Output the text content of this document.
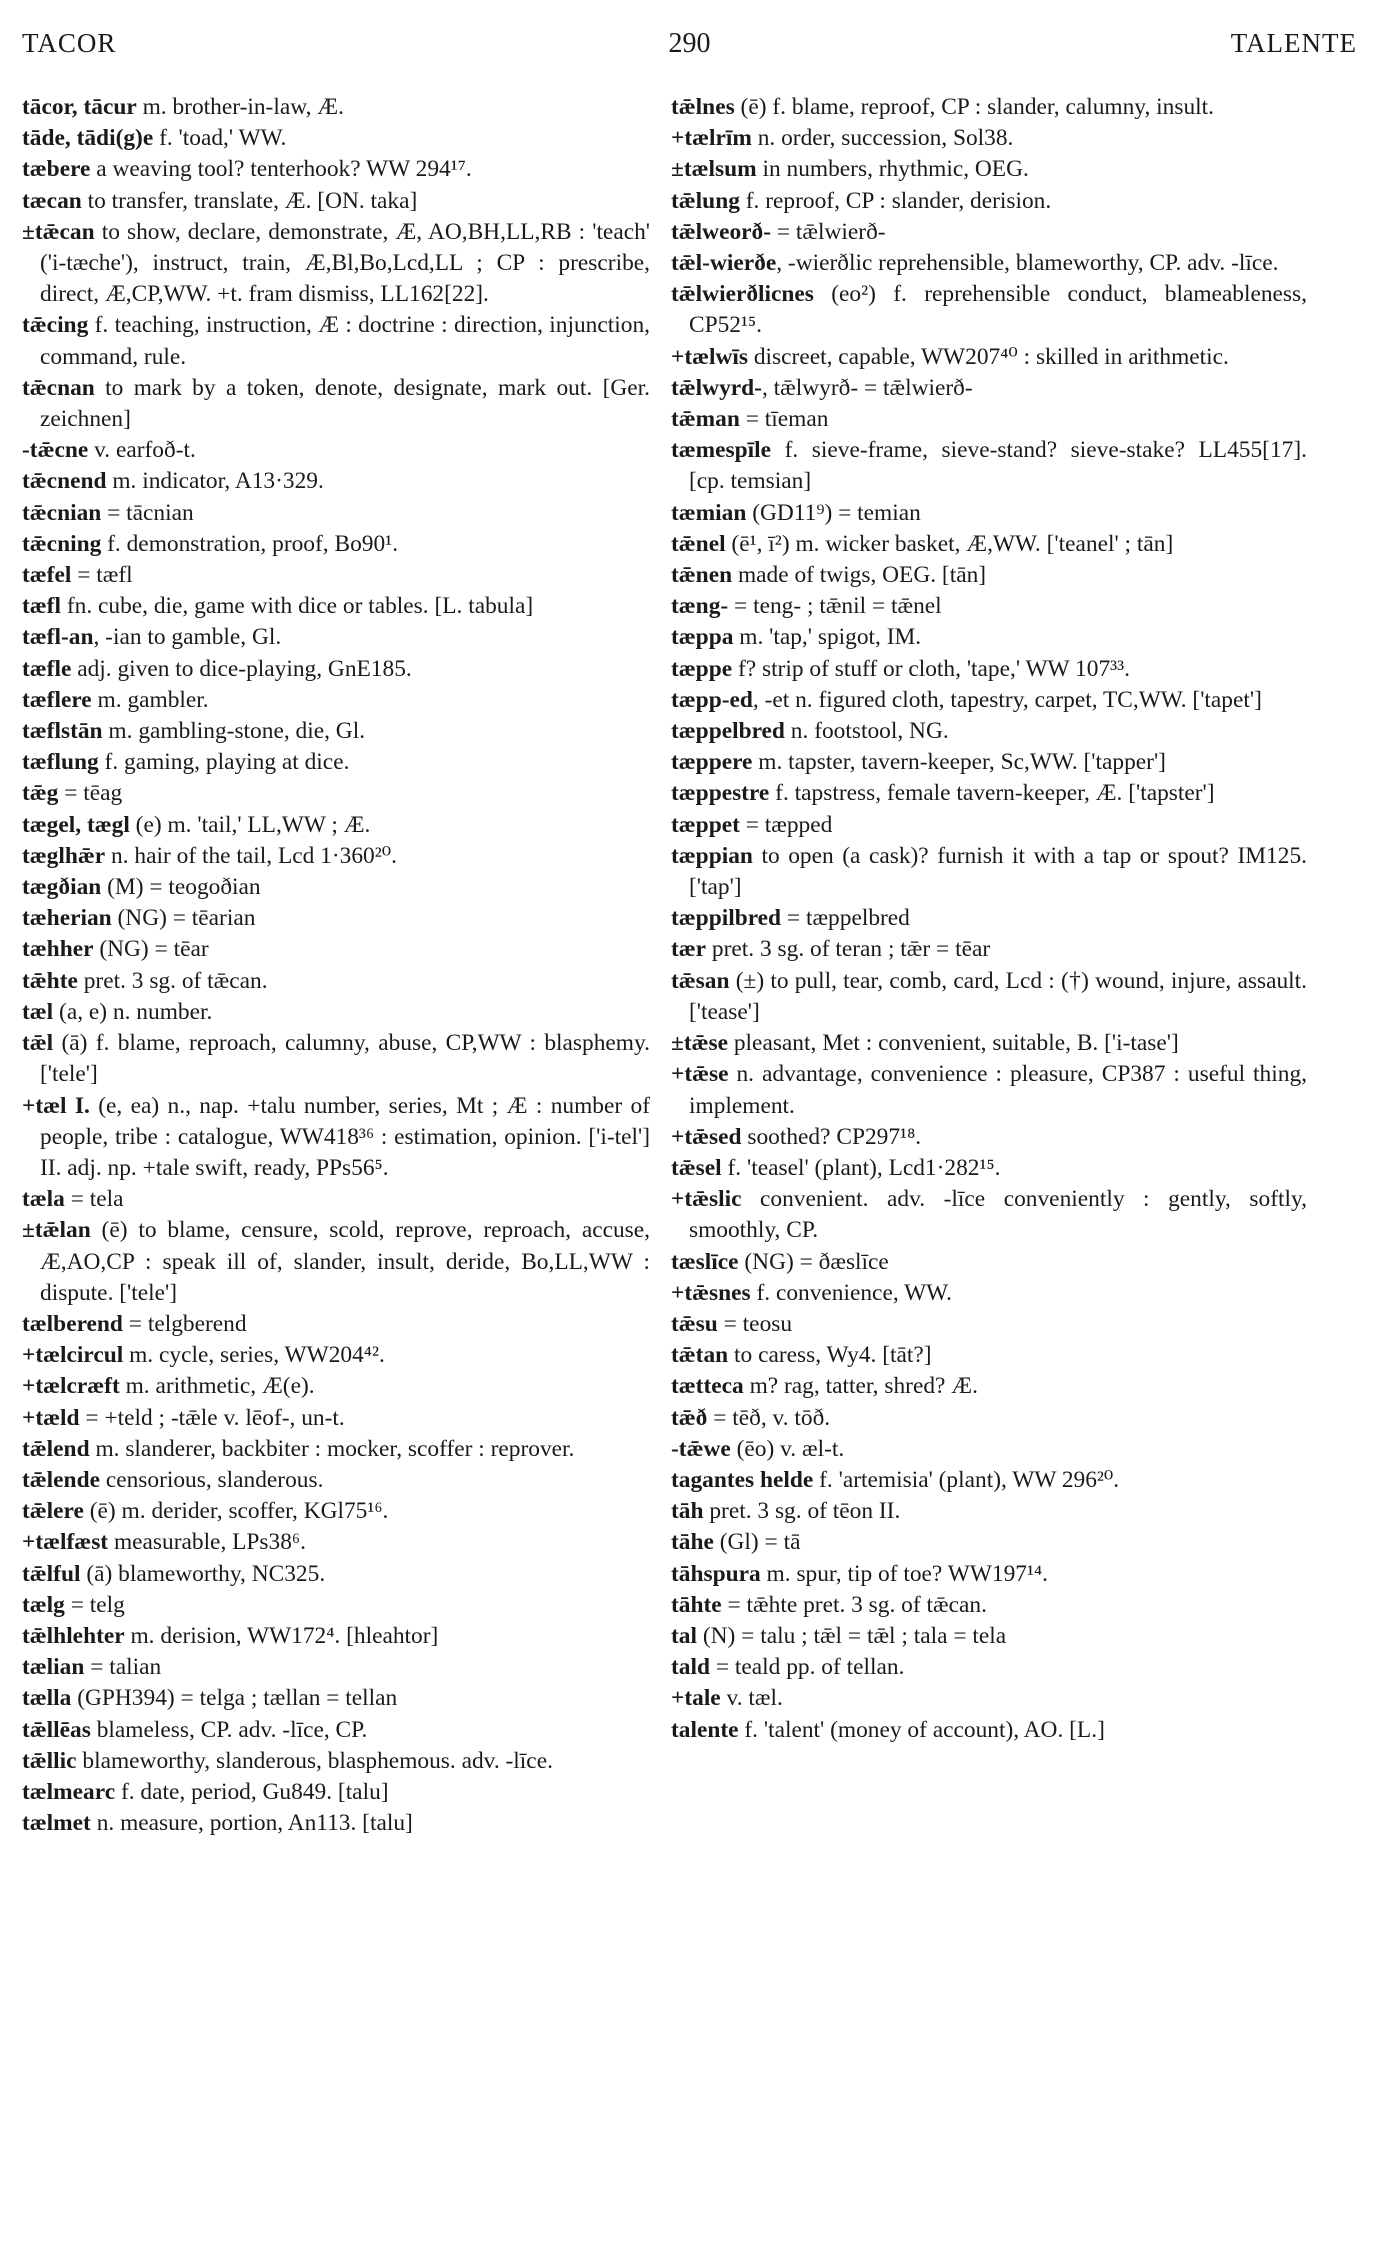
TACOR	290	TALENTE

tācor, tācur m. brother-in-law, Æ.

tāde, tādi(g)e f. 'toad,' WW.

tæbere a weaving tool? tenterhook? WW 294¹⁷.

tæcan to transfer, translate, Æ. [ON. taka]

±tǣcan to show, declare, demonstrate, Æ, AO,BH,LL,RB : 'teach' ('i-tæche'), instruct, train, Æ,Bl,Bo,Lcd,LL ; CP : prescribe, direct, Æ,CP,WW. +t. fram dismiss, LL162[22].

tǣcing f. teaching, instruction, Æ : doctrine : direction, injunction, command, rule.

tǣcnan to mark by a token, denote, designate, mark out. [Ger. zeichnen]

-tǣcne v. earfoð-t.

tǣcnend m. indicator, A13·329.

tǣcnian = tācnian

tǣcning f. demonstration, proof, Bo90¹.

tæfel = tæfl

tæfl fn. cube, die, game with dice or tables. [L. tabula]

tæfl-an, -ian to gamble, Gl.

tæfle adj. given to dice-playing, GnE185.

tæflere m. gambler.

tæflstān m. gambling-stone, die, Gl.

tæflung f. gaming, playing at dice.

tǣg = tēag

tægel, tægl (e) m. 'tail,' LL,WW ; Æ.

tæglhǣr n. hair of the tail, Lcd 1·360²⁰.

tægðian (M) = teogoðian

tæherian (NG) = tēarian

tæhher (NG) = tēar

tǣhte pret. 3 sg. of tǣcan.

tæl (a, e) n. number.

tǣl (ā) f. blame, reproach, calumny, abuse, CP,WW : blasphemy. ['tele']

+tæl I. (e, ea) n., nap. +talu number, series, Mt ; Æ : number of people, tribe : catalogue, WW418³⁶ : estimation, opinion. ['i-tel'] II. adj. np. +tale swift, ready, PPs56⁵.

tæla = tela

±tǣlan (ē) to blame, censure, scold, reprove, reproach, accuse, Æ,AO,CP : speak ill of, slander, insult, deride, Bo,LL,WW : dispute. ['tele']

tælberend = telgberend

+tælcircul m. cycle, series, WW204⁴².

+tælcræft m. arithmetic, Æ(e).

+tæld = +teld ; -tǣle v. lēof-, un-t.

tǣlend m. slanderer, backbiter : mocker, scoffer : reprover.

tǣlende censorious, slanderous.

tǣlere (ē) m. derider, scoffer, KGl75¹⁶.

+tælfæst measurable, LPs38⁶.

tǣlful (ā) blameworthy, NC325.

tælg = telg

tǣlhlehter m. derision, WW172⁴. [hleahtor]

tælian = talian

tælla (GPH394) = telga ; tællan = tellan

tǣllēas blameless, CP. adv. -līce, CP.

tǣllic blameworthy, slanderous, blasphemous. adv. -līce.

tælmearc f. date, period, Gu849. [talu]

tælmet n. measure, portion, An113. [talu]

tǣlnes (ē) f. blame, reproof, CP : slander, calumny, insult.

+tælrīm n. order, succession, Sol38.

±tælsum in numbers, rhythmic, OEG.

tǣlung f. reproof, CP : slander, derision.

tǣlweorð- = tǣlwierð-

tǣl-wierðe, -wierðlic reprehensible, blameworthy, CP. adv. -līce.

tǣlwierðlicnes (eo²) f. reprehensible conduct, blameableness, CP52¹⁵.

+tælwīs discreet, capable, WW207⁴⁰ : skilled in arithmetic.

tǣlwyrd-, tǣlwyrð- = tǣlwierð-

tǣman = tīeman

tæmespīle f. sieve-frame, sieve-stand? sieve-stake? LL455[17]. [cp. temsian]

tæmian (GD11⁹) = temian

tǣnel (ē¹, ī²) m. wicker basket, Æ,WW. ['teanel' ; tān]

tǣnen made of twigs, OEG. [tān]

tæng- = teng- ; tǣnil = tǣnel

tæppa m. 'tap,' spigot, IM.

tæppe f? strip of stuff or cloth, 'tape,' WW 107³³.

tæpp-ed, -et n. figured cloth, tapestry, carpet, TC,WW. ['tapet']

tæppelbred n. footstool, NG.

tæppere m. tapster, tavern-keeper, Sc,WW. ['tapper']

tæppestre f. tapstress, female tavern-keeper, Æ. ['tapster']

tæppet = tæpped

tæppian to open (a cask)? furnish it with a tap or spout? IM125. ['tap']

tæppilbred = tæppelbred

tær pret. 3 sg. of teran ; tǣr = tēar

tǣsan (±) to pull, tear, comb, card, Lcd : (†) wound, injure, assault. ['tease']

±tǣse pleasant, Met : convenient, suitable, B. ['i-tase']

+tǣse n. advantage, convenience : pleasure, CP387 : useful thing, implement.

+tǣsed soothed? CP297¹⁸.

tǣsel f. 'teasel' (plant), Lcd1·282¹⁵.

+tǣslic convenient. adv. -līce conveniently : gently, softly, smoothly, CP.

tæslīce (NG) = ðæslīce

+tǣsnes f. convenience, WW.

tǣsu = teosu

tǣtan to caress, Wy4. [tāt?]

tætteca m? rag, tatter, shred? Æ.

tǣð = tēð, v. tōð.

-tǣwe (ēo) v. æl-t.

tagantes helde f. 'artemisia' (plant), WW 296²⁰.

tāh pret. 3 sg. of tēon II.

tāhe (Gl) = tā

tāhspura m. spur, tip of toe? WW197¹⁴.

tāhte = tǣhte pret. 3 sg. of tǣcan.

tal (N) = talu ; tǣl = tǣl ; tala = tela

tald = teald pp. of tellan.

+tale v. tæl.

talente f. 'talent' (money of account), AO. [L.]
